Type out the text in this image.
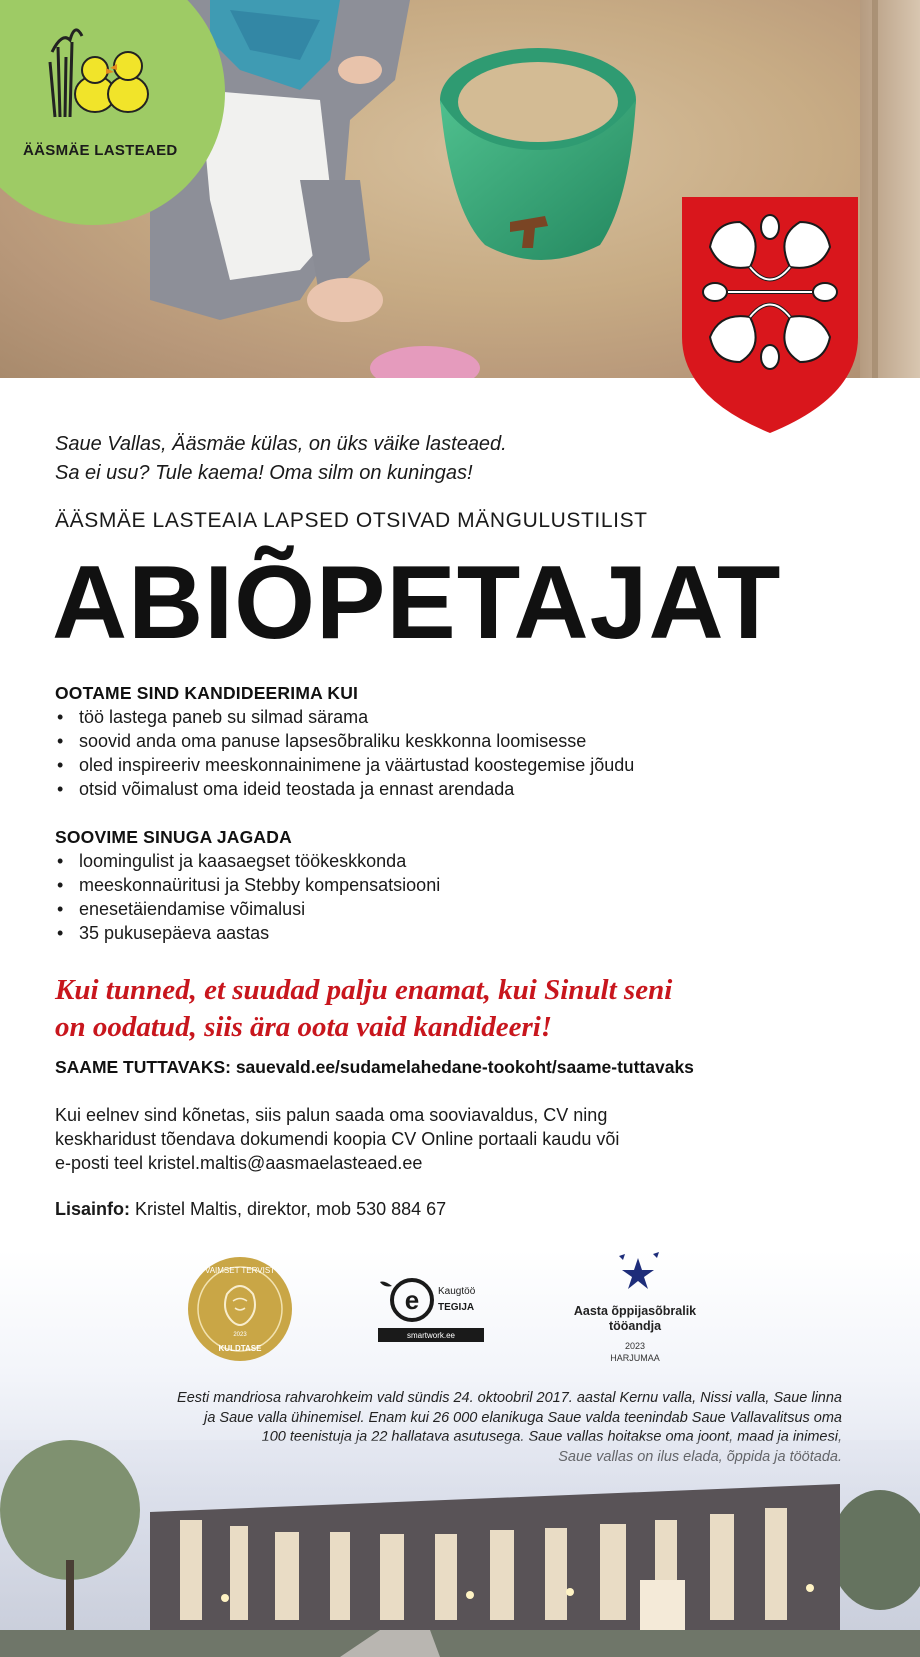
ÄÄSMÄE LASTEAED
Saue Vallas, Ääsmäe külas, on üks väike lasteaed.
Sa ei usu? Tule kaema! Oma silm on kuningas!
ÄÄSMÄE LASTEAIA LAPSED OTSIVAD MÄNGULUSTILIST
ABIÕPETAJAT
OOTAME SIND KANDIDEERIMA KUI
• töö lastega paneb su silmad särama
• soovid anda oma panuse lapsesõbraliku keskkonna loomisesse
• oled inspireeriv meeskonnainimene ja väärtustad koostegemise jõudu
• otsid võimalust oma ideid teostada ja ennast arendada
SOOVIME SINUGA JAGADA
• loomingulist ja kaasaegset töökeskkonda
• meeskonnaüritusi ja Stebby kompensatsiooni
• enesetäiendamise võimalusi
• 35 pukusepäeva aastas
Kui tunned, et suudad palju enamat, kui Sinult seni
on oodatud, siis ära oota vaid kandideeri!
SAAME TUTTAVAKS: sauevald.ee/sudamelahedane-tookoht/saame-tuttavaks
Kui eelnev sind kõnetas, siis palun saada oma sooviavaldus, CV ning
keskharidust tõendava dokumendi koopia CV Online portaali kaudu või
e-posti teel kristel.maltis@aasmaelasteaed.ee
Lisainfo: Kristel Maltis, direktor, mob 530 884 67
VAIMSET TERVIST
2023
KULDTASE
e Kaugtöö
TEGIJA
smartwork.ee
Aasta õppijasõbralik tööandja
2023
HARJUMAA
Eesti mandriosa rahvarohkeim vald sündis 24. oktoobril 2017. aastal Kernu valla, Nissi valla, Saue linna
ja Saue valla ühinemisel. Enam kui 26 000 elanikuga Saue valda teenindab Saue Vallavalitsus oma
100 teenistuja ja 22 hallatava asutusega. Saue vallas hoitakse oma joont, maad ja inimesi,
Saue vallas on ilus elada, õppida ja töötada.
